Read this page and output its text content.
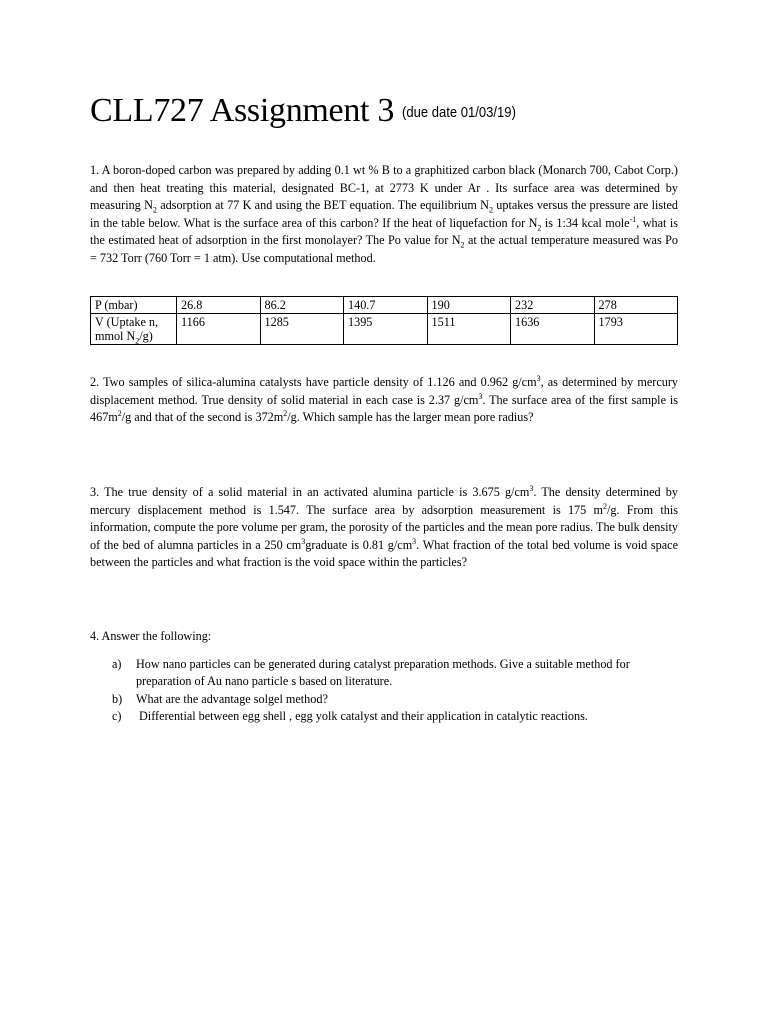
CLL727 Assignment 3 (due date 01/03/19)
1. A boron-doped carbon was prepared by adding 0.1 wt % B to a graphitized carbon black (Monarch 700, Cabot Corp.) and then heat treating this material, designated BC-1, at 2773 K under Ar . Its surface area was determined by measuring $N_2$ adsorption at 77 K and using the BET equation. The equilibrium $N_2$ uptakes versus the pressure are listed in the table below. What is the surface area of this carbon? If the heat of liquefaction for $N_2$ is 1:34 kcal mole$^{-1}$, what is the estimated heat of adsorption in the first monolayer? The Po value for $N_2$ at the actual temperature measured was Po = 732 Torr (760 Torr = 1 atm). Use computational method.
P (mbar)	26.8	86.2	140.7	190	232	278
V (Uptake n, mmol $N_2/g$)	1166	1285	1395	1511	1636	1793
2. Two samples of silica-alumina catalysts have particle density of 1.126 and 0.962 $g/cm^3$, as determined by mercury displacement method. True density of solid material in each case is 2.37 $g/cm^3$. The surface area of the first sample is $467m^2/g$ and that of the second is $372m^2/g$. Which sample has the larger mean pore radius?
3. The true density of a solid material in an activated alumina particle is 3.675 $g/cm^3$. The density determined by mercury displacement method is 1.547. The surface area by adsorption measurement is 175 $m^2/g$. From this information, compute the pore volume per gram, the porosity of the particles and the mean pore radius. The bulk density of the bed of alumna particles in a 250 $cm^3graduate$ is 0.81 $g/cm^3$. What fraction of the total bed volume is void space between the particles and what fraction is the void space within the particles?
4. Answer the following:
a)	How nano particles can be generated during catalyst preparation methods. Give a suitable method for preparation of Au nano particle s based on literature.
b)	What are the advantage solgel method?
c)	Differential between egg shell , egg yolk catalyst and their application in catalytic reactions.
